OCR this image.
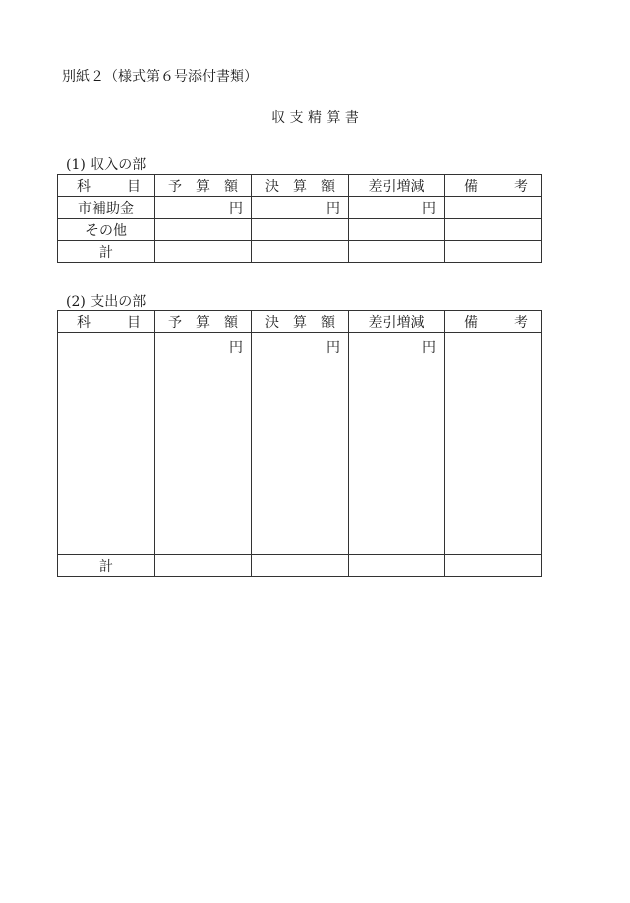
別紙２（様式第６号添付書類）
収 支 精 算 書
(1) 収入の部
科 目	予 算 額	決 算 額	差引増減	備 考

市補助金	円	円	円	
その他				
計				
(2) 支出の部
科 目	予 算 額	決 算 額	差引増減	備 考

	円	円	円	
計				
